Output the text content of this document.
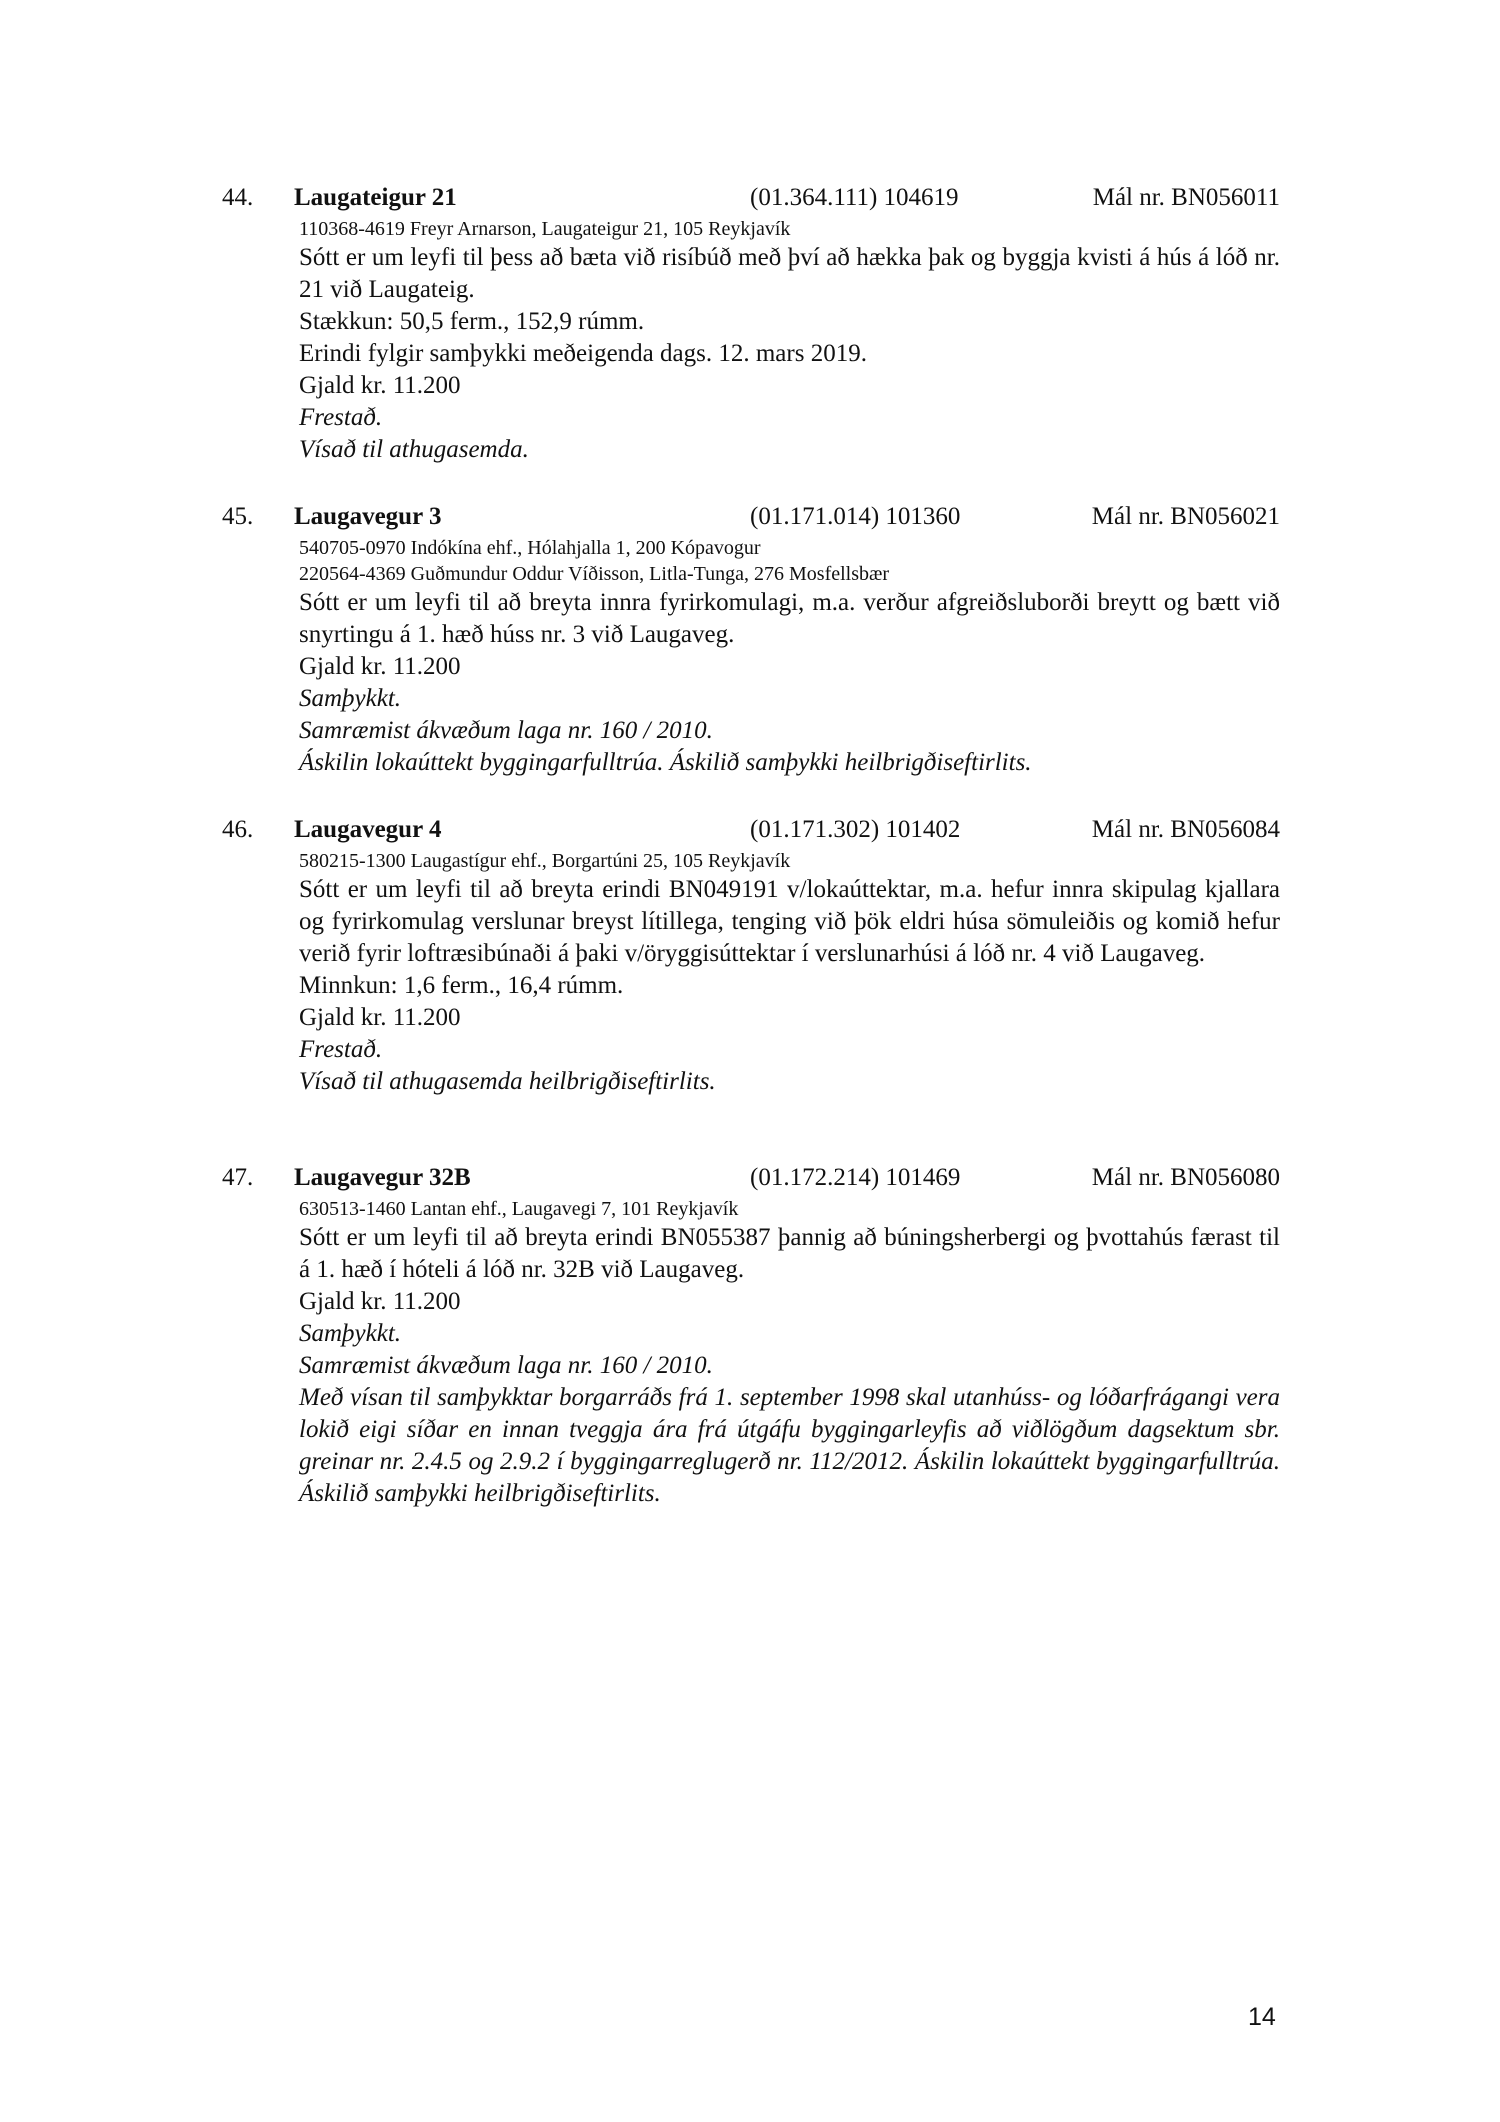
44. Laugateigur 21	(01.364.111) 104619	Mál nr. BN056011

110368-4619 Freyr Arnarson, Laugateigur 21, 105 Reykjavík

Sótt er um leyfi til þess að bæta við risíbúð með því að hækka þak og byggja kvisti á hús á lóð nr. 21 við Laugateig.

Stækkun: 50,5 ferm., 152,9 rúmm.

Erindi fylgir samþykki meðeigenda dags. 12. mars 2019.

Gjald kr. 11.200

Frestað.

Vísað til athugasemda.

45. Laugavegur 3	(01.171.014) 101360	Mál nr. BN056021

540705-0970 Indókína ehf., Hólahjalla 1, 200 Kópavogur

220564-4369 Guðmundur Oddur Víðisson, Litla-Tunga, 276 Mosfellsbær

Sótt er um leyfi til að breyta innra fyrirkomulagi, m.a. verður afgreiðsluborði breytt og bætt við snyrtingu á 1. hæð húss nr. 3 við Laugaveg.

Gjald kr. 11.200

Samþykkt.

Samræmist ákvæðum laga nr. 160 / 2010.

Áskilin lokaúttekt byggingarfulltrúa. Áskilið samþykki heilbrigðiseftirlits.

46. Laugavegur 4	(01.171.302) 101402	Mál nr. BN056084

580215-1300 Laugastígur ehf., Borgartúni 25, 105 Reykjavík

Sótt er um leyfi til að breyta erindi BN049191 v/lokaúttektar, m.a. hefur innra skipulag kjallara og fyrirkomulag verslunar breyst lítillega, tenging við þök eldri húsa sömuleiðis og komið hefur verið fyrir loftræsibúnaði á þaki v/öryggisúttektar í verslunarhúsi á lóð nr. 4 við Laugaveg.

Minnkun: 1,6 ferm., 16,4 rúmm.

Gjald kr. 11.200

Frestað.

Vísað til athugasemda heilbrigðiseftirlits.

47. Laugavegur 32B	(01.172.214) 101469	Mál nr. BN056080

630513-1460 Lantan ehf., Laugavegi 7, 101 Reykjavík

Sótt er um leyfi til að breyta erindi BN055387 þannig að búningsherbergi og þvottahús færast til á 1. hæð í hóteli á lóð nr. 32B við Laugaveg.

Gjald kr. 11.200

Samþykkt.

Samræmist ákvæðum laga nr. 160 / 2010.

Með vísan til samþykktar borgarráðs frá 1. september 1998 skal utanhúss- og lóðarfrágangi vera lokið eigi síðar en innan tveggja ára frá útgáfu byggingarleyfis að viðlögðum dagsektum sbr. greinar nr. 2.4.5 og 2.9.2 í byggingarreglugerð nr. 112/2012. Áskilin lokaúttekt byggingarfulltrúa. Áskilið samþykki heilbrigðiseftirlits.

14
